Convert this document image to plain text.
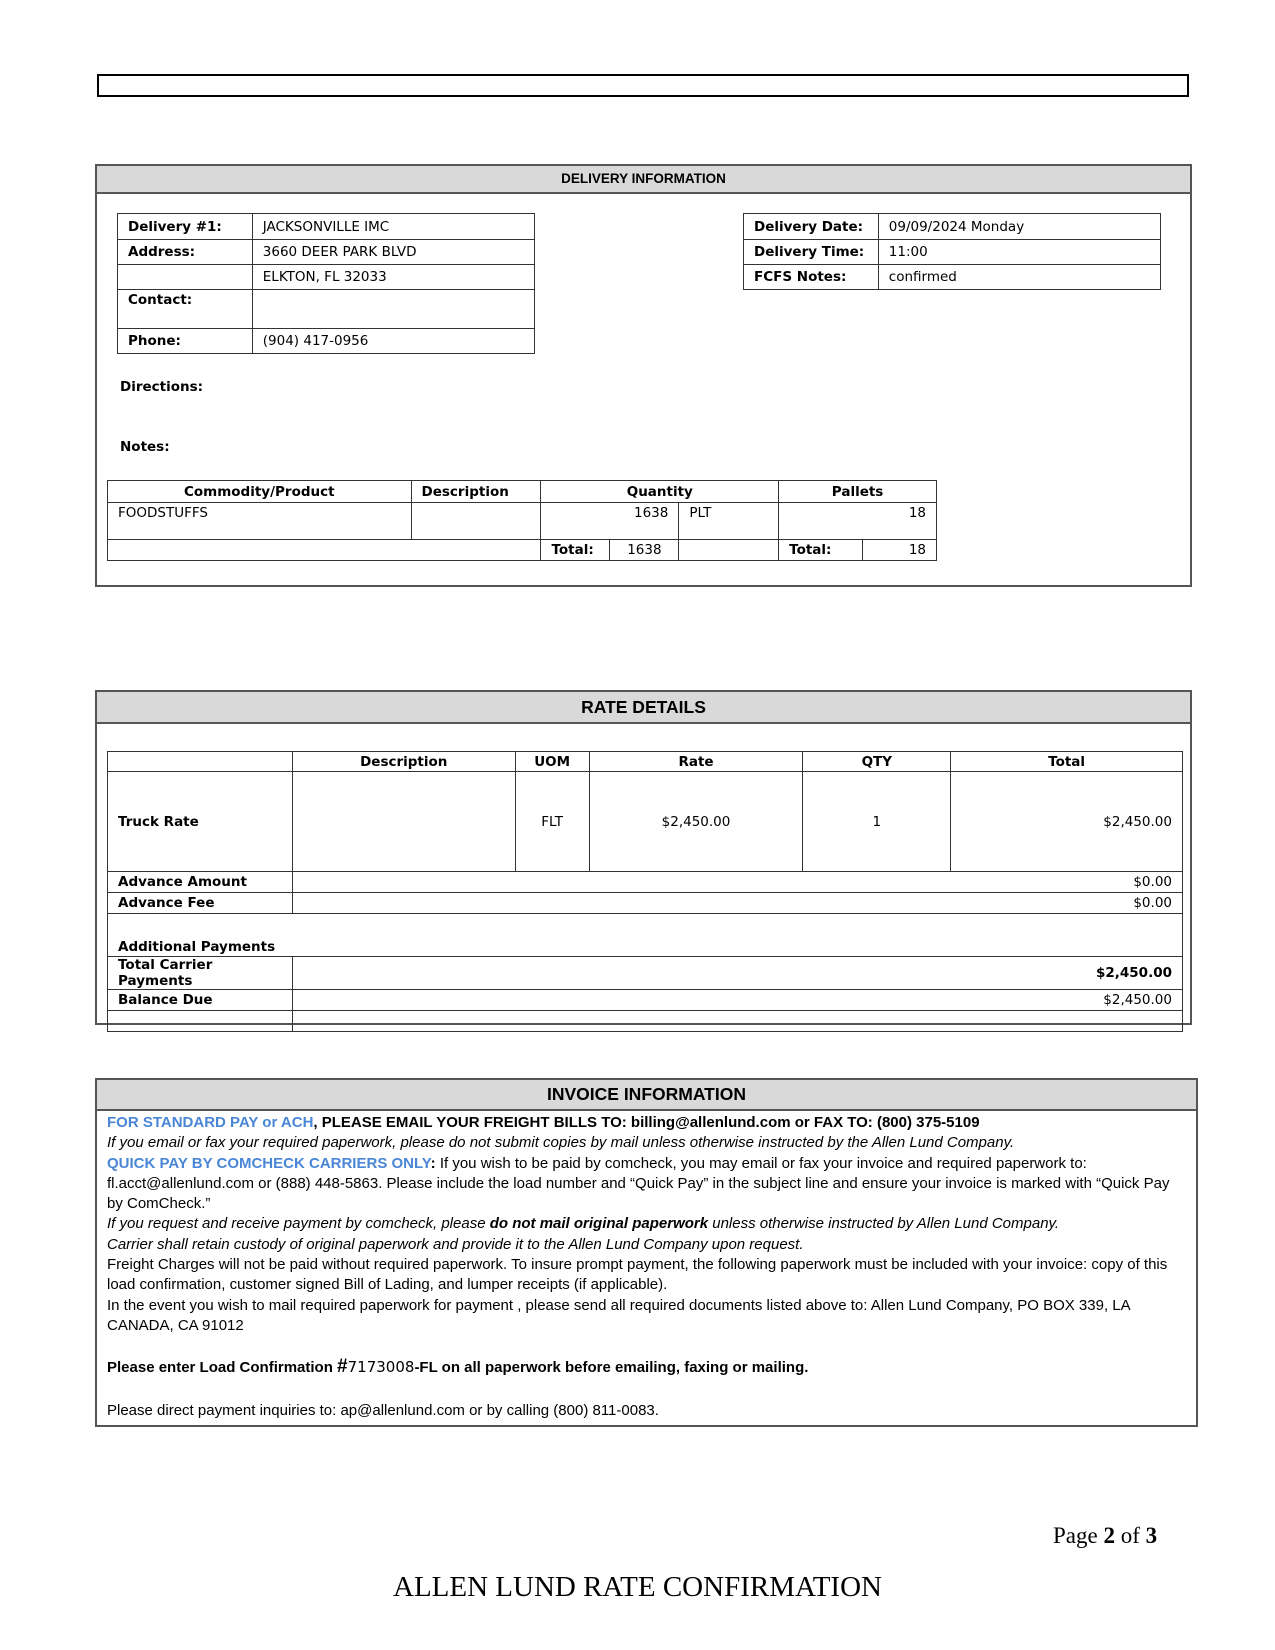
DELIVERY INFORMATION
Delivery #1:	JACKSONVILLE IMC
Address:	3660 DEER PARK BLVD
	ELKTON, FL 32033
Contact:	
Phone:	(904) 417-0956
Delivery Date:	09/09/2024 Monday
Delivery Time:	11:00
FCFS Notes:	confirmed
Directions:
Notes:
Commodity/Product	Description	Quantity			Pallets	
FOODSTUFFS		1638		PLT	18	
		Total:	1638		Total:	18
RATE DETAILS
	Description	UOM	Rate	QTY	Total
Truck Rate		FLT	$2,450.00	1	$2,450.00
Advance Amount	$0.00				
Advance Fee	$0.00				
Additional Payments					
Total Carrier Payments	$2,450.00				
Balance Due	$2,450.00				

INVOICE INFORMATION
FOR STANDARD PAY or ACH, PLEASE EMAIL YOUR FREIGHT BILLS TO: billing@allenlund.com or FAX TO: (800) 375-5109
If you email or fax your required paperwork, please do not submit copies by mail unless otherwise instructed by the Allen Lund Company.
QUICK PAY BY COMCHECK CARRIERS ONLY: If you wish to be paid by comcheck, you may email or fax your invoice and required paperwork to: fl.acct@allenlund.com or (888) 448-5863. Please include the load number and “Quick Pay” in the subject line and ensure your invoice is marked with “Quick Pay by ComCheck.”
If you request and receive payment by comcheck, please do not mail original paperwork unless otherwise instructed by Allen Lund Company.
Carrier shall retain custody of original paperwork and provide it to the Allen Lund Company upon request.
Freight Charges will not be paid without required paperwork. To insure prompt payment, the following paperwork must be included with your invoice: copy of this load confirmation, customer signed Bill of Lading, and lumper receipts (if applicable).
In the event you wish to mail required paperwork for payment , please send all required documents listed above to: Allen Lund Company, PO BOX 339, LA CANADA, CA 91012
Please enter Load Confirmation #7173008-FL on all paperwork before emailing, faxing or mailing.
Please direct payment inquiries to: ap@allenlund.com or by calling (800) 811-0083.
Page 2 of 3
ALLEN LUND RATE CONFIRMATION
